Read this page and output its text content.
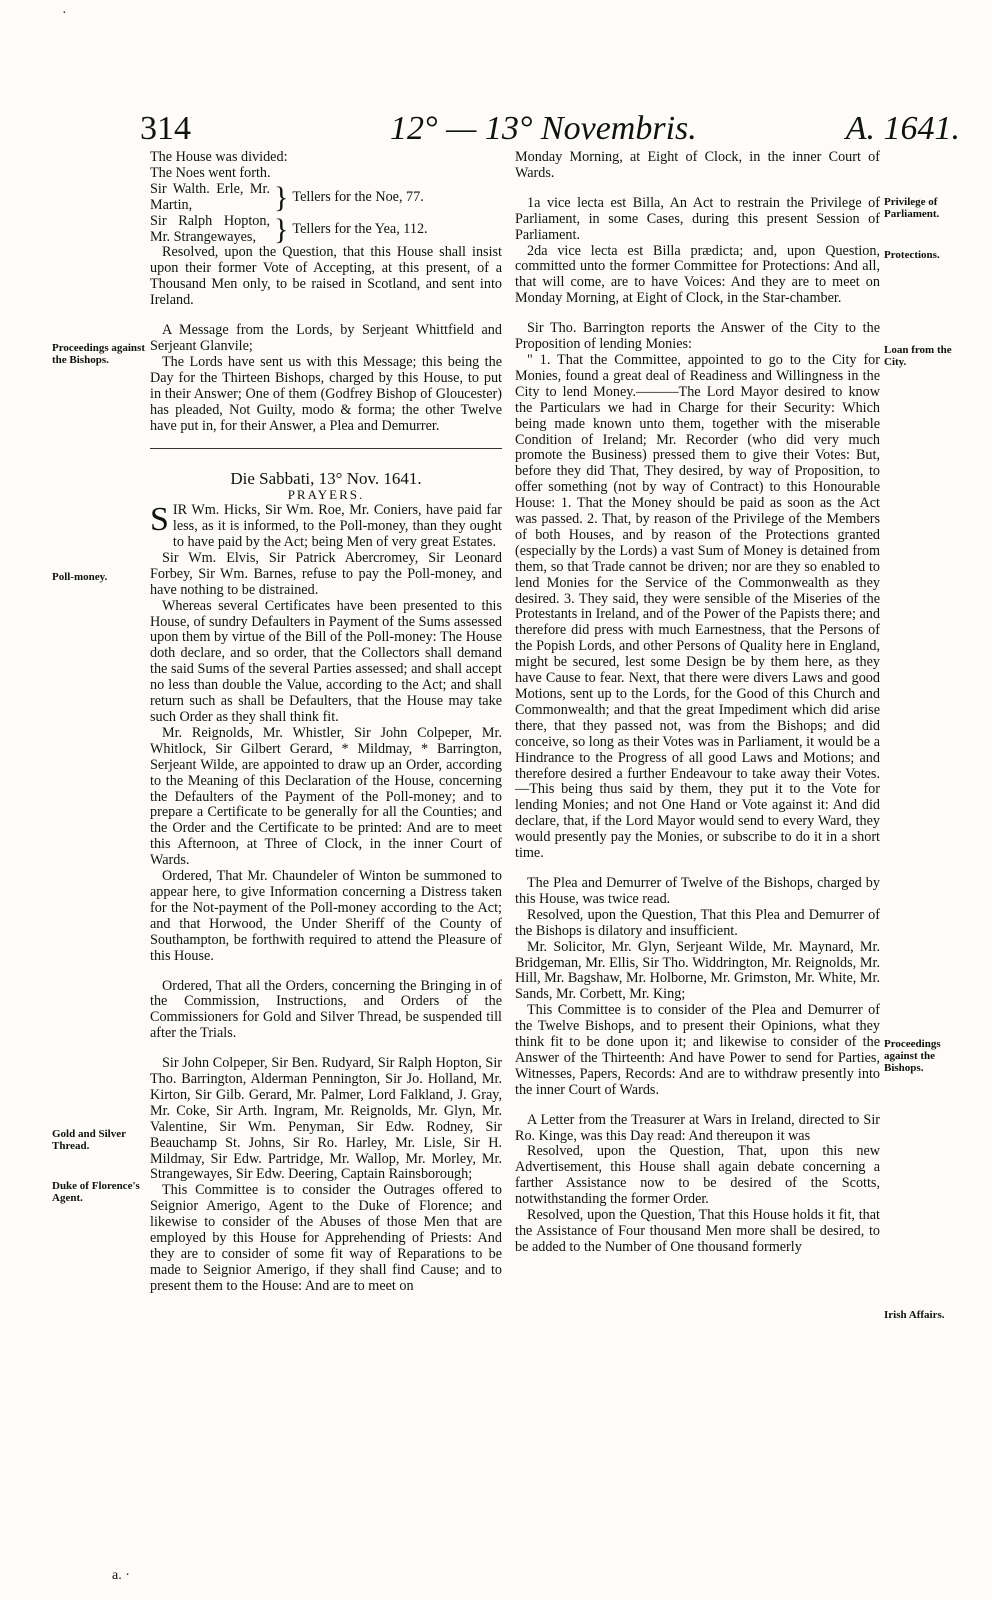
·
314	12° — 13° Novembris.	A. 1641.
Proceedings against the Bishops.
Poll-money.
Gold and Silver Thread.
Duke of Florence's Agent.
Privilege of Parliament.
Protections.
Loan from the City.
Proceedings against the Bishops.
Irish Affairs.

The House was divided:

The Noes went forth.

Sir Walth. Erle, Mr. Martin,	} Tellers for the Noe, 77.
Sir Ralph Hopton, Mr. Strangewayes, } Tellers for the Yea, 112.

Resolved, upon the Question, that this House shall insist upon their former Vote of Accepting, at this present, of a Thousand Men only, to be raised in Scotland, and sent into Ireland.

A Message from the Lords, by Serjeant Whittfield and Serjeant Glanvile;

The Lords have sent us with this Message; this being the Day for the Thirteen Bishops, charged by this House, to put in their Answer; One of them (Godfrey Bishop of Gloucester) has pleaded, Not Guilty, modo & forma; the other Twelve have put in, for their Answer, a Plea and Demurrer.

Die Sabbati, 13° Nov. 1641.

PRAYERS.

SIR Wm. Hicks, Sir Wm. Roe, Mr. Coniers, have paid far less, as it is informed, to the Poll-money, than they ought to have paid by the Act; being Men of very great Estates.

Sir Wm. Elvis, Sir Patrick Abercromey, Sir Leonard Forbey, Sir Wm. Barnes, refuse to pay the Poll-money, and have nothing to be distrained.

Whereas several Certificates have been presented to this House, of sundry Defaulters in Payment of the Sums assessed upon them by virtue of the Bill of the Poll-money: The House doth declare, and so order, that the Collectors shall demand the said Sums of the several Parties assessed; and shall accept no less than double the Value, according to the Act; and shall return such as shall be Defaulters, that the House may take such Order as they shall think fit.

Mr. Reignolds, Mr. Whistler, Sir John Colpeper, Mr. Whitlock, Sir Gilbert Gerard, * Mildmay, * Barrington, Serjeant Wilde, are appointed to draw up an Order, according to the Meaning of this Declaration of the House, concerning the Defaulters of the Payment of the Poll-money; and to prepare a Certificate to be generally for all the Counties; and the Order and the Certificate to be printed: And are to meet this Afternoon, at Three of Clock, in the inner Court of Wards.

Ordered, That Mr. Chaundeler of Winton be summoned to appear here, to give Information concerning a Distress taken for the Not-payment of the Poll-money according to the Act; and that Horwood, the Under Sheriff of the County of Southampton, be forthwith required to attend the Pleasure of this House.

Ordered, That all the Orders, concerning the Bringing in of the Commission, Instructions, and Orders of the Commissioners for Gold and Silver Thread, be suspended till after the Trials.

Sir John Colpeper, Sir Ben. Rudyard, Sir Ralph Hopton, Sir Tho. Barrington, Alderman Pennington, Sir Jo. Holland, Mr. Kirton, Sir Gilb. Gerard, Mr. Palmer, Lord Falkland, J. Gray, Mr. Coke, Sir Arth. Ingram, Mr. Reignolds, Mr. Glyn, Mr. Valentine, Sir Wm. Penyman, Sir Edw. Rodney, Sir Beauchamp St. Johns, Sir Ro. Harley, Mr. Lisle, Sir H. Mildmay, Sir Edw. Partridge, Mr. Wallop, Mr. Morley, Mr. Strangewayes, Sir Edw. Deering, Captain Rainsborough;

This Committee is to consider the Outrages offered to Seignior Amerigo, Agent to the Duke of Florence; and likewise to consider of the Abuses of those Men that are employed by this House for Apprehending of Priests: And they are to consider of some fit way of Reparations to be made to Seignior Amerigo, if they shall find Cause; and to present them to the House: And are to meet on

Monday Morning, at Eight of Clock, in the inner Court of Wards.

1a vice lecta est Billa, An Act to restrain the Privilege of Parliament, in some Cases, during this present Session of Parliament.

2da vice lecta est Billa prædicta; and, upon Question, committed unto the former Committee for Protections: And all, that will come, are to have Voices: And they are to meet on Monday Morning, at Eight of Clock, in the Star-chamber.

Sir Tho. Barrington reports the Answer of the City to the Proposition of lending Monies:

" 1. That the Committee, appointed to go to the City for Monies, found a great deal of Readiness and Willingness in the City to lend Money.———The Lord Mayor desired to know the Particulars we had in Charge for their Security: Which being made known unto them, together with the miserable Condition of Ireland; Mr. Recorder (who did very much promote the Business) pressed them to give their Votes: But, before they did That, They desired, by way of Proposition, to offer something (not by way of Contract) to this Honourable House: 1. That the Money should be paid as soon as the Act was passed. 2. That, by reason of the Privilege of the Members of both Houses, and by reason of the Protections granted (especially by the Lords) a vast Sum of Money is detained from them, so that Trade cannot be driven; nor are they so enabled to lend Monies for the Service of the Commonwealth as they desired. 3. They said, they were sensible of the Miseries of the Protestants in Ireland, and of the Power of the Papists there; and therefore did press with much Earnestness, that the Persons of the Popish Lords, and other Persons of Quality here in England, might be secured, lest some Design be by them here, as they have Cause to fear. Next, that there were divers Laws and good Motions, sent up to the Lords, for the Good of this Church and Commonwealth; and that the great Impediment which did arise there, that they passed not, was from the Bishops; and did conceive, so long as their Votes was in Parliament, it would be a Hindrance to the Progress of all good Laws and Motions; and therefore desired a further Endeavour to take away their Votes.—This being thus said by them, they put it to the Vote for lending Monies; and not One Hand or Vote against it: And did declare, that, if the Lord Mayor would send to every Ward, they would presently pay the Monies, or subscribe to do it in a short time.

The Plea and Demurrer of Twelve of the Bishops, charged by this House, was twice read.

Resolved, upon the Question, That this Plea and Demurrer of the Bishops is dilatory and insufficient.

Mr. Solicitor, Mr. Glyn, Serjeant Wilde, Mr. Maynard, Mr. Bridgeman, Mr. Ellis, Sir Tho. Widdrington, Mr. Reignolds, Mr. Hill, Mr. Bagshaw, Mr. Holborne, Mr. Grimston, Mr. White, Mr. Sands, Mr. Corbett, Mr. King;

This Committee is to consider of the Plea and Demurrer of the Twelve Bishops, and to present their Opinions, what they think fit to be done upon it; and likewise to consider of the Answer of the Thirteenth: And have Power to send for Parties, Witnesses, Papers, Records: And are to withdraw presently into the inner Court of Wards.

A Letter from the Treasurer at Wars in Ireland, directed to Sir Ro. Kinge, was this Day read: And thereupon it was

Resolved, upon the Question, That, upon this new Advertisement, this House shall again debate concerning a farther Assistance now to be desired of the Scotts, notwithstanding the former Order.

Resolved, upon the Question, That this House holds it fit, that the Assistance of Four thousand Men more shall be desired, to be added to the Number of One thousand formerly

a. ·
